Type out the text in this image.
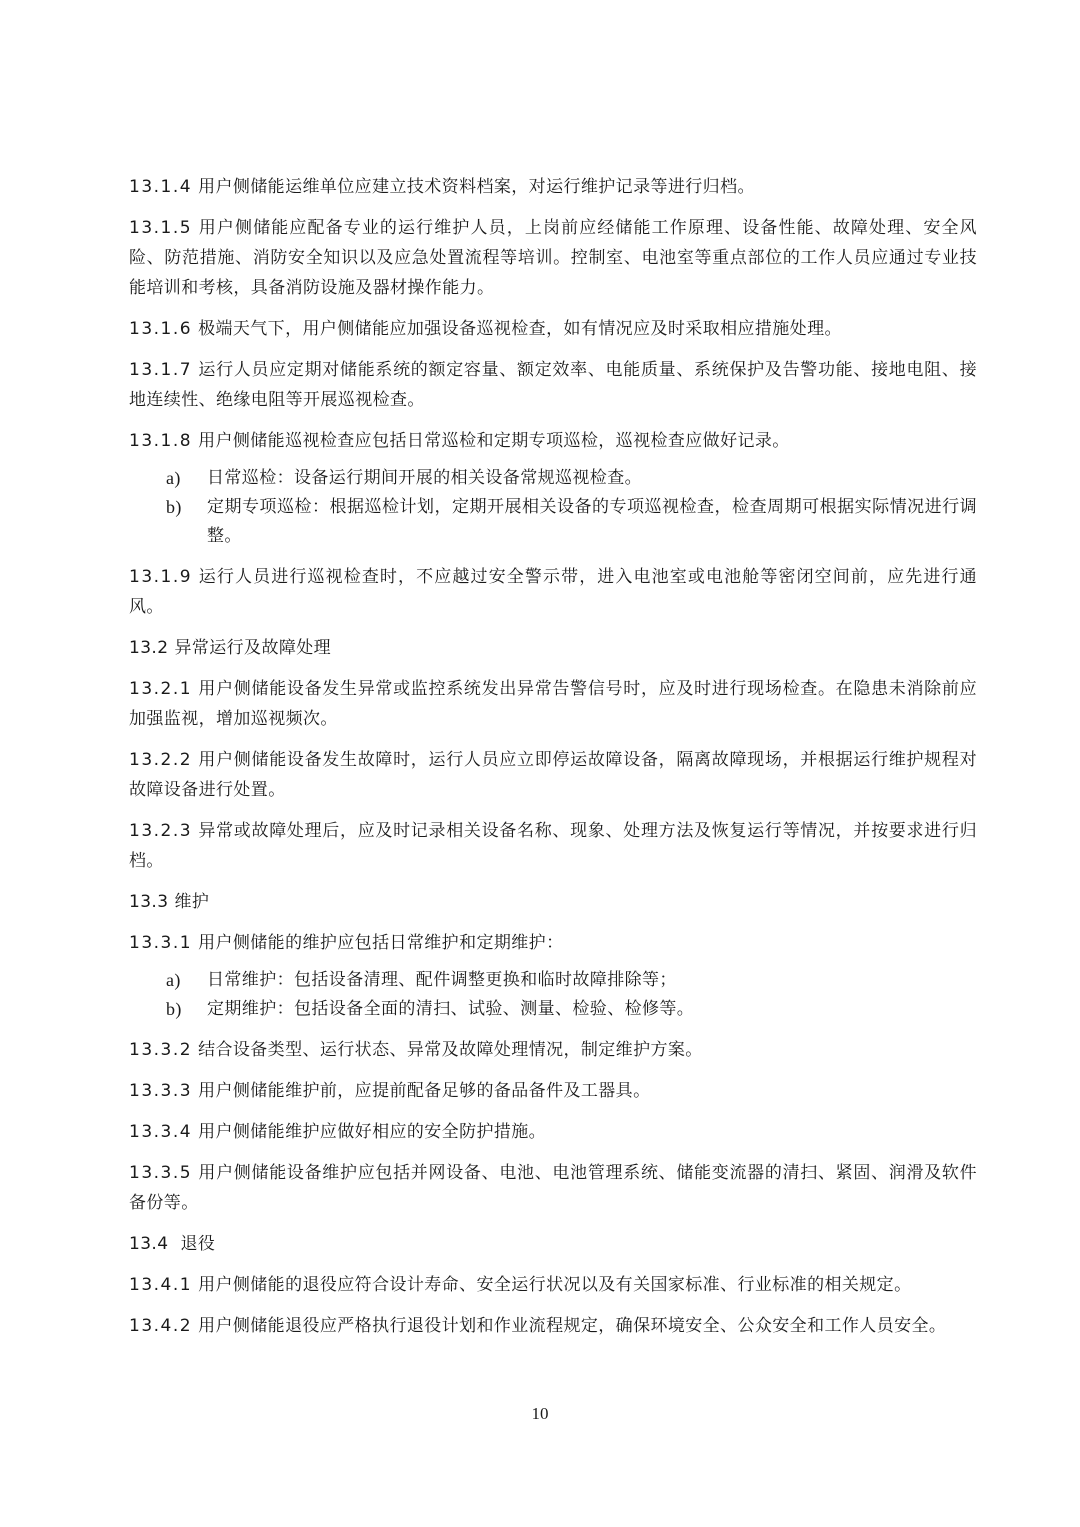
13.1.4 用户侧储能运维单位应建立技术资料档案，对运行维护记录等进行归档。

13.1.5 用户侧储能应配备专业的运行维护人员，上岗前应经储能工作原理、设备性能、故障处理、安全风险、防范措施、消防安全知识以及应急处置流程等培训。控制室、电池室等重点部位的工作人员应通过专业技能培训和考核，具备消防设施及器材操作能力。

13.1.6 极端天气下，用户侧储能应加强设备巡视检查，如有情况应及时采取相应措施处理。

13.1.7 运行人员应定期对储能系统的额定容量、额定效率、电能质量、系统保护及告警功能、接地电阻、接地连续性、绝缘电阻等开展巡视检查。

13.1.8 用户侧储能巡视检查应包括日常巡检和定期专项巡检，巡视检查应做好记录。

a) 日常巡检：设备运行期间开展的相关设备常规巡视检查。
b) 定期专项巡检：根据巡检计划，定期开展相关设备的专项巡视检查，检查周期可根据实际情况进行调整。

13.1.9 运行人员进行巡视检查时，不应越过安全警示带，进入电池室或电池舱等密闭空间前，应先进行通风。

13.2 异常运行及故障处理

13.2.1 用户侧储能设备发生异常或监控系统发出异常告警信号时，应及时进行现场检查。在隐患未消除前应加强监视，增加巡视频次。

13.2.2 用户侧储能设备发生故障时，运行人员应立即停运故障设备，隔离故障现场，并根据运行维护规程对故障设备进行处置。

13.2.3 异常或故障处理后，应及时记录相关设备名称、现象、处理方法及恢复运行等情况，并按要求进行归档。

13.3 维护

13.3.1 用户侧储能的维护应包括日常维护和定期维护：

a) 日常维护：包括设备清理、配件调整更换和临时故障排除等；
b) 定期维护：包括设备全面的清扫、试验、测量、检验、检修等。

13.3.2 结合设备类型、运行状态、异常及故障处理情况，制定维护方案。

13.3.3 用户侧储能维护前，应提前配备足够的备品备件及工器具。

13.3.4 用户侧储能维护应做好相应的安全防护措施。

13.3.5 用户侧储能设备维护应包括并网设备、电池、电池管理系统、储能变流器的清扫、紧固、润滑及软件备份等。

13.4 退役

13.4.1 用户侧储能的退役应符合设计寿命、安全运行状况以及有关国家标准、行业标准的相关规定。

13.4.2 用户侧储能退役应严格执行退役计划和作业流程规定，确保环境安全、公众安全和工作人员安全。

10
